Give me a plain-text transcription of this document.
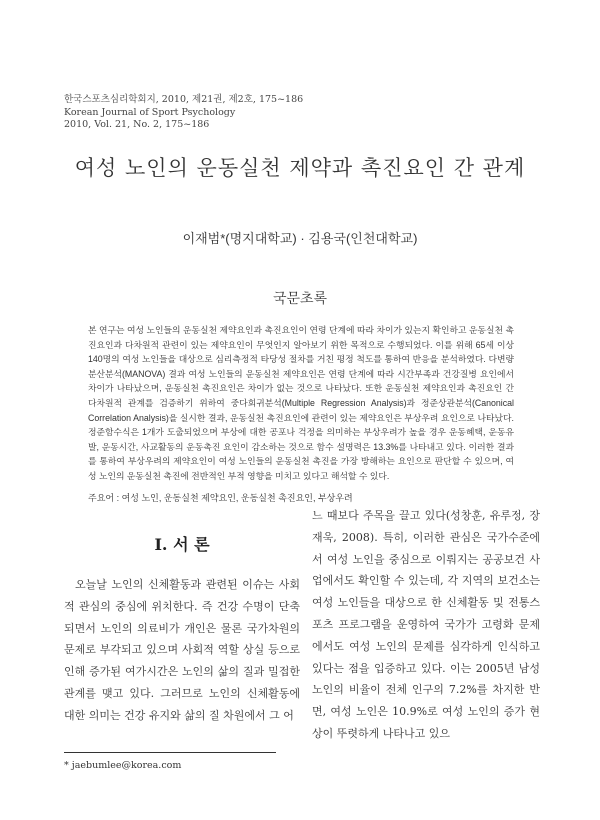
한국스포츠심리학회지, 2010, 제21권, 제2호, 175~186
Korean Journal of Sport Psychology
2010, Vol. 21, No. 2, 175~186
여성 노인의 운동실천 제약과 촉진요인 간 관계
이재범*(명지대학교) · 김용국(인천대학교)
국문초록
본 연구는 여성 노인들의 운동실천 제약요인과 촉진요인이 연령 단계에 따라 차이가 있는지 확인하고 운동실천 촉진요인과 다차원적 관련이 있는 제약요인이 무엇인지 알아보기 위한 목적으로 수행되었다. 이를 위해 65세 이상 140명의 여성 노인들을 대상으로 심리측정적 타당성 절차를 거친 평정 척도를 통하여 반응을 분석하였다. 다변량분산분석(MANOVA) 결과 여성 노인들의 운동실천 제약요인은 연령 단계에 따라 시간부족과 건강질병 요인에서 차이가 나타났으며, 운동실천 촉진요인은 차이가 없는 것으로 나타났다. 또한 운동실천 제약요인과 촉진요인 간 다차원적 관계를 검증하기 위하여 중다회귀분석(Multiple Regression Analysis)과 정준상관분석(Canonical Correlation Analysis)을 실시한 결과, 운동실천 촉진요인에 관련이 있는 제약요인은 부상우려 요인으로 나타났다. 정준함수식은 1개가 도출되었으며 부상에 대한 공포나 걱정을 의미하는 부상우려가 높을 경우 운동혜택, 운동유발, 운동시간, 사교활동의 운동촉진 요인이 감소하는 것으로 함수 설명력은 13.3%를 나타내고 있다. 이러한 결과를 통하여 부상우려의 제약요인이 여성 노인들의 운동실천 촉진을 가장 방해하는 요인으로 판단할 수 있으며, 여성 노인의 운동실천 촉진에 전반적인 부적 영향을 미치고 있다고 해석할 수 있다.
주요어 : 여성 노인, 운동실천 제약요인, 운동실천 촉진요인, 부상우려
I. 서 론
오늘날 노인의 신체활동과 관련된 이슈는 사회적 관심의 중심에 위치한다. 즉 건강 수명이 단축되면서 노인의 의료비가 개인은 물론 국가차원의 문제로 부각되고 있으며 사회적 역할 상실 등으로 인해 증가된 여가시간은 노인의 삶의 질과 밀접한 관계를 맺고 있다. 그러므로 노인의 신체활동에 대한 의미는 건강 유지와 삶의 질 차원에서 그 어
느 때보다 주목을 끌고 있다(성창훈, 유루정, 장재욱, 2008). 특히, 이러한 관심은 국가수준에서 여성 노인을 중심으로 이뤄지는 공공보건 사업에서도 확인할 수 있는데, 각 지역의 보건소는 여성 노인들을 대상으로 한 신체활동 및 전통스포츠 프로그램을 운영하여 국가가 고령화 문제에서도 여성 노인의 문제를 심각하게 인식하고 있다는 점을 입증하고 있다. 이는 2005년 남성 노인의 비율이 전체 인구의 7.2%를 차지한 반면, 여성 노인은 10.9%로 여성 노인의 증가 현상이 뚜렷하게 나타나고 있으
* jaebumlee@korea.com
